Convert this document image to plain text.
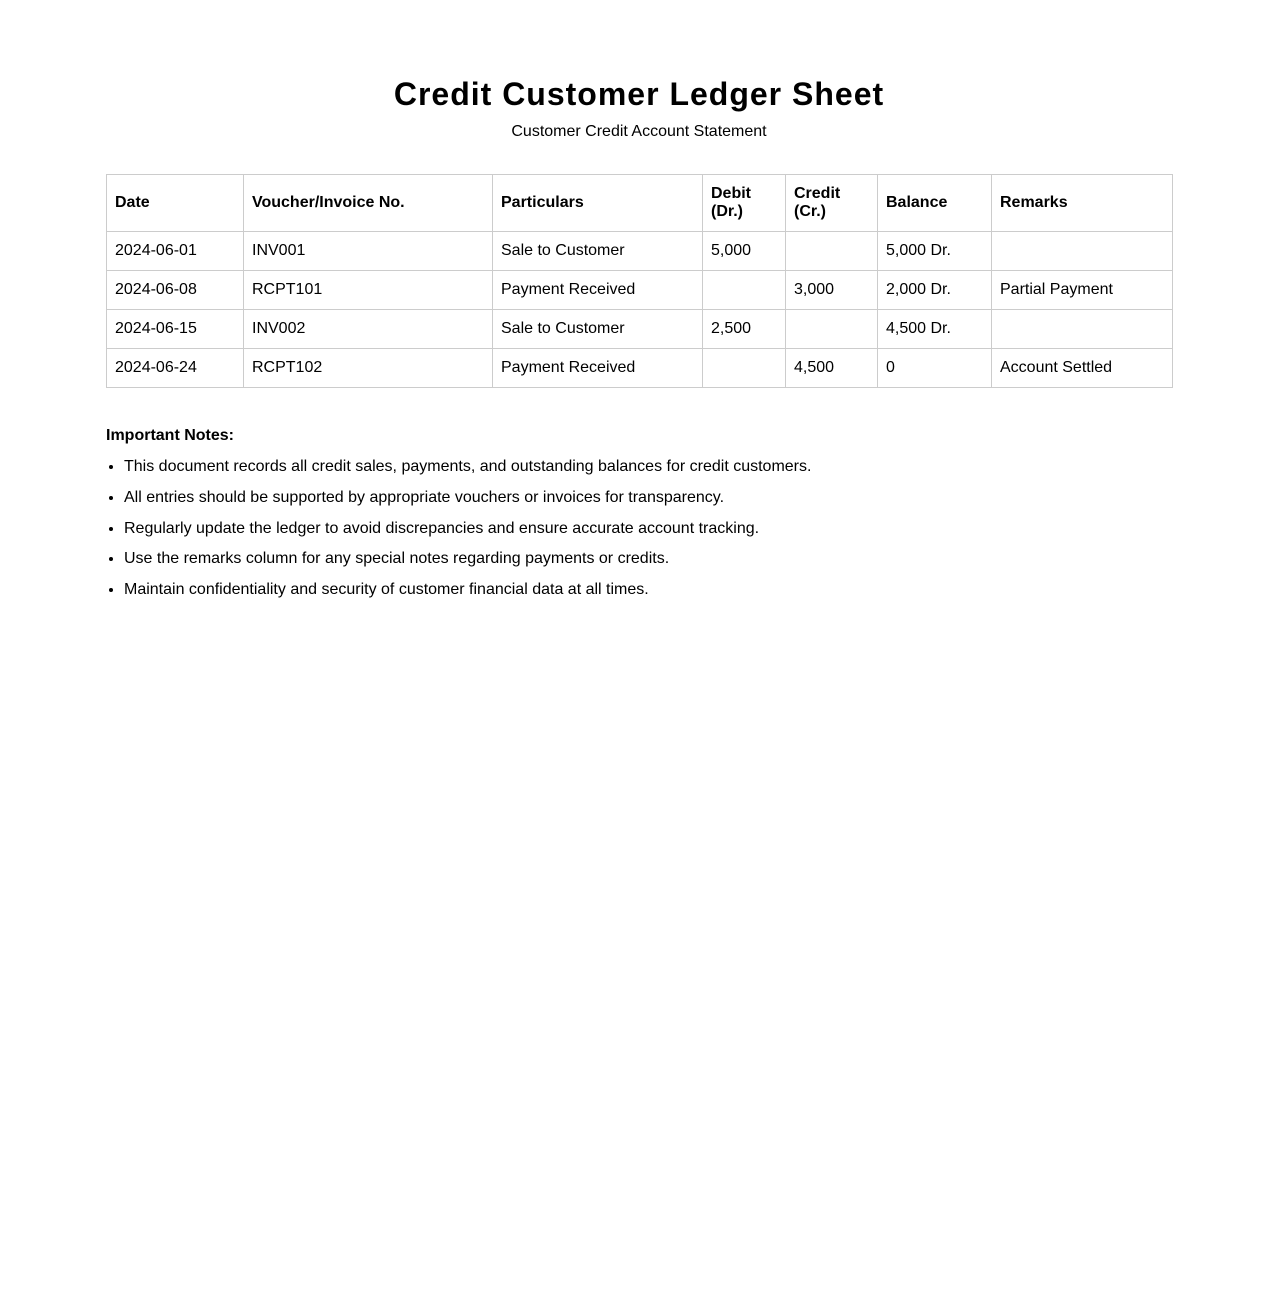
Credit Customer Ledger Sheet

Customer Credit Account Statement

Date	Voucher/Invoice No.	Particulars	Debit (Dr.)	Credit (Cr.)	Balance	Remarks
2024-06-01	INV001	Sale to Customer	5,000		5,000 Dr.	
2024-06-08	RCPT101	Payment Received		3,000	2,000 Dr.	Partial Payment
2024-06-15	INV002	Sale to Customer	2,500		4,500 Dr.	
2024-06-24	RCPT102	Payment Received		4,500	0	Account Settled
Important Notes:
• This document records all credit sales, payments, and outstanding balances for credit customers.
• All entries should be supported by appropriate vouchers or invoices for transparency.
• Regularly update the ledger to avoid discrepancies and ensure accurate account tracking.
• Use the remarks column for any special notes regarding payments or credits.
• Maintain confidentiality and security of customer financial data at all times.
